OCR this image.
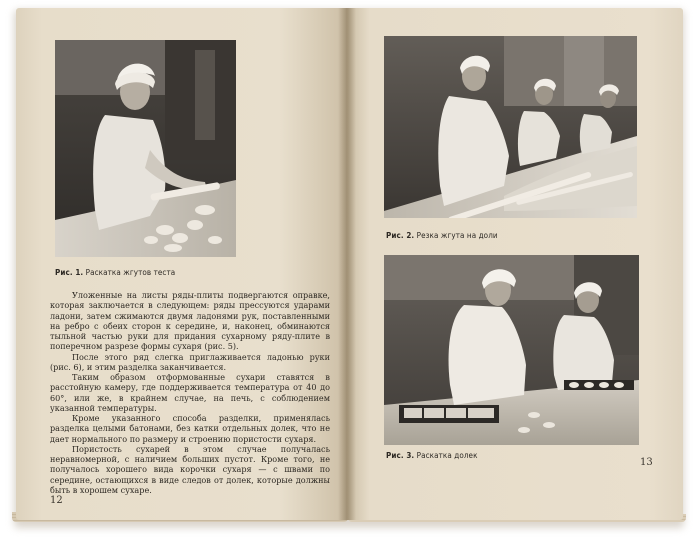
Рис. 1. Раскатка жгутов теста

Уложенные на листы ряды-плиты подвергаются оправке, которая заключается в следующем: ряды прессуются ударами ладони, затем сжимаются двумя ладонями рук, поставленными на ребро с обеих сторон к середине, и, наконец, обминаются тыльной частью руки для придания сухарному ряду-плите в поперечном разрезе формы сухаря (рис. 5).

После этого ряд слегка приглаживается ладонью руки (рис. 6), и этим разделка заканчивается.

Таким образом отформованные сухари ставятся в расстойную камеру, где поддерживается температура от 40 до 60°, или же, в крайнем случае, на печь, с соблюдением указанной температуры.

Кроме указанного способа разделки, применялась разделка целыми батонами, без катки отдельных долек, что не дает нормального по размеру и строению пористости сухаря.

Пористость сухарей в этом случае получалась неравномерной, с наличием больших пустот. Кроме того, не получалось хорошего вида корочки сухаря — с швами по середине, остающихся в виде следов от долек, которые должны быть в хорошем сухаре.

12
Рис. 2. Резка жгута на доли
Рис. 3. Раскатка долек
13
